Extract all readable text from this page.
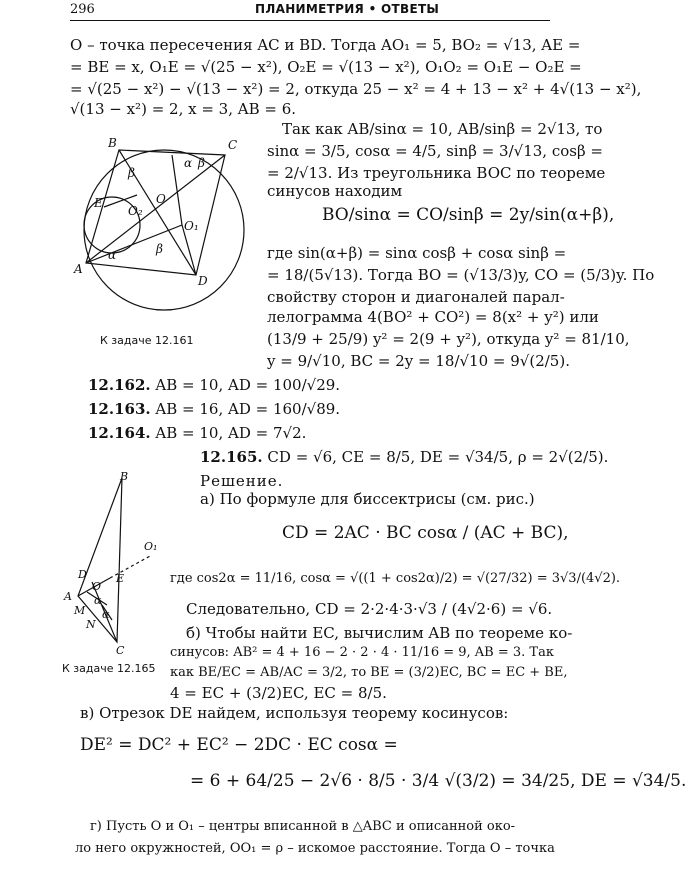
296	ПЛАНИМЕТРИЯ • ОТВЕТЫ
O – точка пересечения AC и BD. Тогда AO₁ = 5, BO₂ = √13, AE =
= BE = x, O₁E = √(25 − x²), O₂E = √(13 − x²), O₁O₂ = O₁E − O₂E =
= √(25 − x²) − √(13 − x²) = 2, откуда 25 − x² = 4 + 13 − x² + 4√(13 − x²),
√(13 − x²) = 2, x = 3, AB = 6.
B	C
A
D
E	O
O₁
O₂
β
α β
α	β
К задаче 12.161
Так как AB/sinα = 10, AB/sinβ = 2√13, то
sinα = 3/5, cosα = 4/5, sinβ = 3/√13, cosβ =
= 2/√13. Из треугольника BOC по теореме
синусов находим
BO/sinα = CO/sinβ = 2y/sin(α+β),
где sin(α+β) = sinα cosβ + cosα sinβ =
= 18/(5√13). Тогда BO = (√13/3)y, CO = (5/3)y. По
свойству сторон и диагоналей парал-
лелограмма 4(BO² + CO²) = 8(x² + y²) или
(13/9 + 25/9) y² = 2(9 + y²), откуда y² = 81/10,
y = 9/√10, BC = 2y = 18/√10 = 9√(2/5).
12.162. AB = 10, AD = 100/√29.
12.163. AB = 16, AD = 160/√89.
12.164. AB = 10, AD = 7√2.
12.165. CD = √6, CE = 8/5, DE = √34/5, ρ = 2√(2/5).
Решение.
а) По формуле для биссектрисы (см. рис.)
CD = 2AC · BC cosα / (AC + BC),
где cos2α = 11/16, cosα = √((1 + cos2α)/2) = √(27/32) = 3√3/(4√2).
Следовательно, CD = 2·2·4·3·√3 / (4√2·6) = √6.
б) Чтобы найти EC, вычислим AB по теореме ко-
синусов: AB² = 4 + 16 − 2 · 2 · 4 · 11/16 = 9, AB = 3. Так
как BE/EC = AB/AC = 3/2, то BE = (3/2)EC, BC = EC + BE,
4 = EC + (3/2)EC, EC = 8/5.
B
A
C
D	E
O
O₁
M
N
α
α
К задаче 12.165
в) Отрезок DE найдем, используя теорему косинусов:
DE² = DC² + EC² − 2DC · EC cosα =
= 6 + 64/25 − 2√6 · 8/5 · 3/4 √(3/2) = 34/25, DE = √34/5.
г) Пусть O и O₁ – центры вписанной в △ABC и описанной око-
ло него окружностей, OO₁ = ρ – искомое расстояние. Тогда O – точка
